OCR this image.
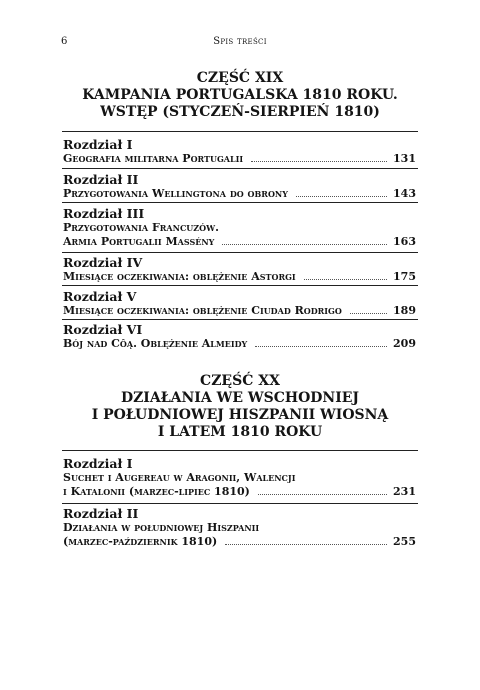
6	Spis treści
CZĘŚĆ XIX
KAMPANIA PORTUGALSKA 1810 ROKU.
WSTĘP (STYCZEŃ-SIERPIEŃ 1810)
Rozdział I
Geografia militarna Portugalii	131
Rozdział II
Przygotowania Wellingtona do obrony	143
Rozdział III
Przygotowania Francuzów.
Armia Portugalii Massény	163
Rozdział IV
Miesiące oczekiwania: oblężenie Astorgi	175
Rozdział V
Miesiące oczekiwania: oblężenie Ciudad Rodrigo	189
Rozdział VI
Bój nad Côą. Oblężenie Almeidy	209
CZĘŚĆ XX
DZIAŁANIA WE WSCHODNIEJ
I POŁUDNIOWEJ HISZPANII WIOSNĄ
I LATEM 1810 ROKU
Rozdział I
Suchet i Augereau w Aragonii, Walencji
i Katalonii (marzec-lipiec 1810)	231
Rozdział II
Działania w południowej Hiszpanii
(marzec-październik 1810)	255
